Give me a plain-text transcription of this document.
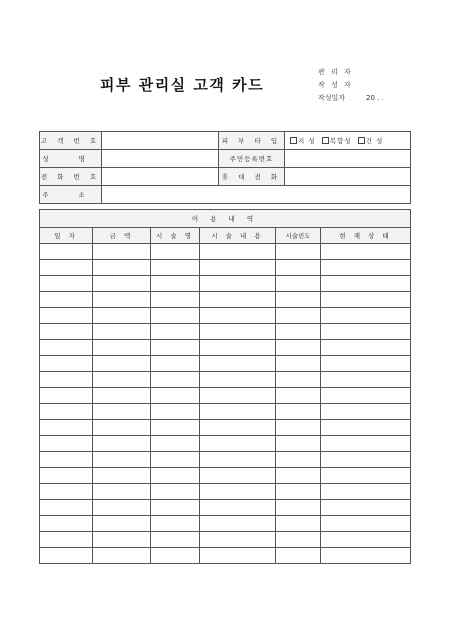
피부 관리실 고객 카드
관 리 자
작 성 자
작성일자	20 . .
고 객 번 호		피 부 타 입	지 성 복합성 건 성
성 명		주민등록번호	
전 화 번 호		휴 대 전 화	
주 소			
이 용 내 역					
일 자	금 액	시 술 명	시 술 내 용	시술빈도	현 재 상 태
